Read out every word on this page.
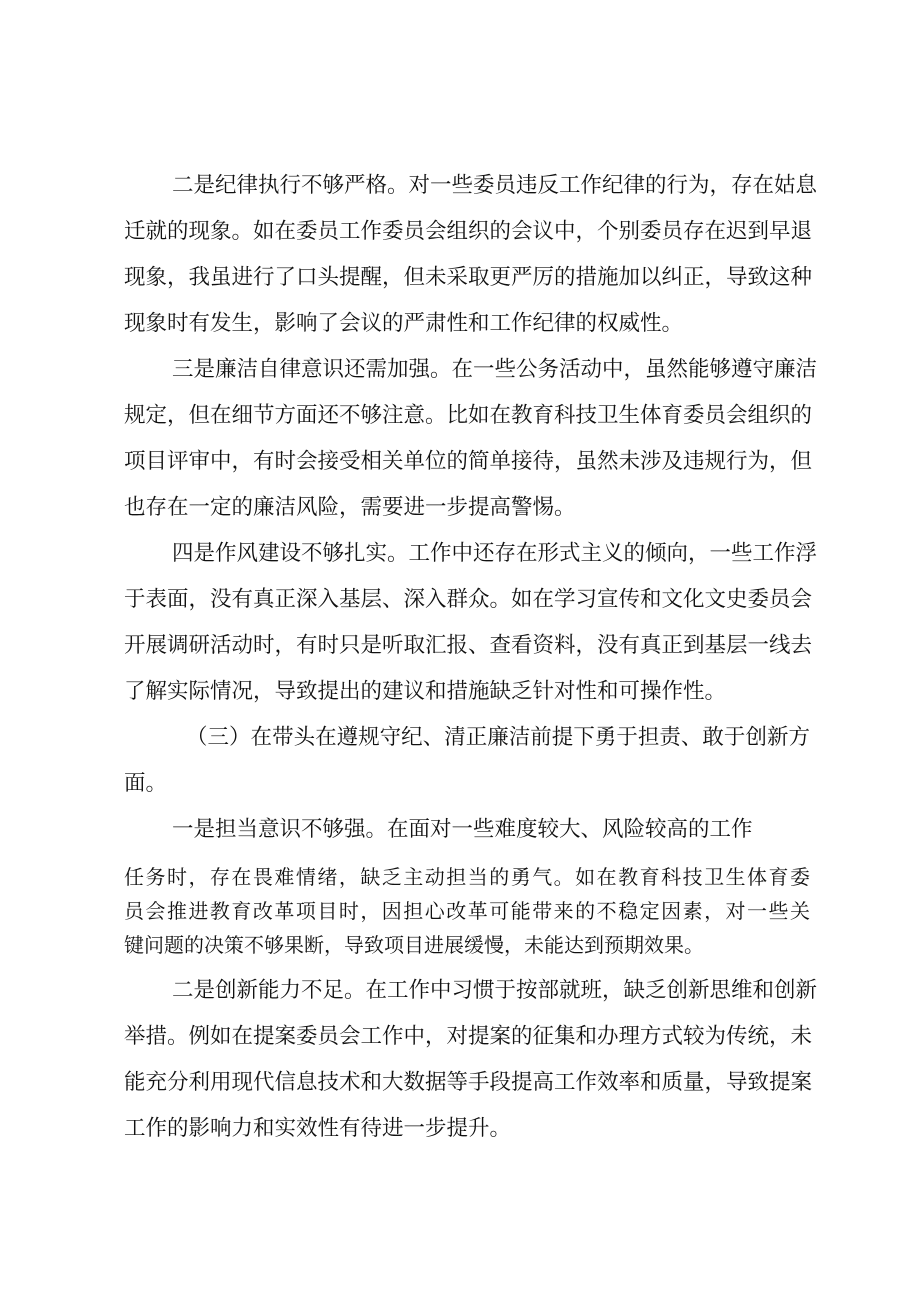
二是纪律执行不够严格。对一些委员违反工作纪律的行为，存在姑息

迁就的现象。如在委员工作委员会组织的会议中，个别委员存在迟到早退

现象，我虽进行了口头提醒，但未采取更严厉的措施加以纠正，导致这种

现象时有发生，影响了会议的严肃性和工作纪律的权威性。

三是廉洁自律意识还需加强。在一些公务活动中，虽然能够遵守廉洁

规定，但在细节方面还不够注意。比如在教育科技卫生体育委员会组织的

项目评审中，有时会接受相关单位的简单接待，虽然未涉及违规行为，但

也存在一定的廉洁风险，需要进一步提高警惕。

四是作风建设不够扎实。工作中还存在形式主义的倾向，一些工作浮

于表面，没有真正深入基层、深入群众。如在学习宣传和文化文史委员会

开展调研活动时，有时只是听取汇报、查看资料，没有真正到基层一线去

了解实际情况，导致提出的建议和措施缺乏针对性和可操作性。

（三）在带头在遵规守纪、清正廉洁前提下勇于担责、敢于创新方

面。

一是担当意识不够强。在面对一些难度较大、风险较高的工作

任务时，存在畏难情绪，缺乏主动担当的勇气。如在教育科技卫生体育委

员会推进教育改革项目时，因担心改革可能带来的不稳定因素，对一些关

键问题的决策不够果断，导致项目进展缓慢，未能达到预期效果。

二是创新能力不足。在工作中习惯于按部就班，缺乏创新思维和创新

举措。例如在提案委员会工作中，对提案的征集和办理方式较为传统，未

能充分利用现代信息技术和大数据等手段提高工作效率和质量，导致提案

工作的影响力和实效性有待进一步提升。
